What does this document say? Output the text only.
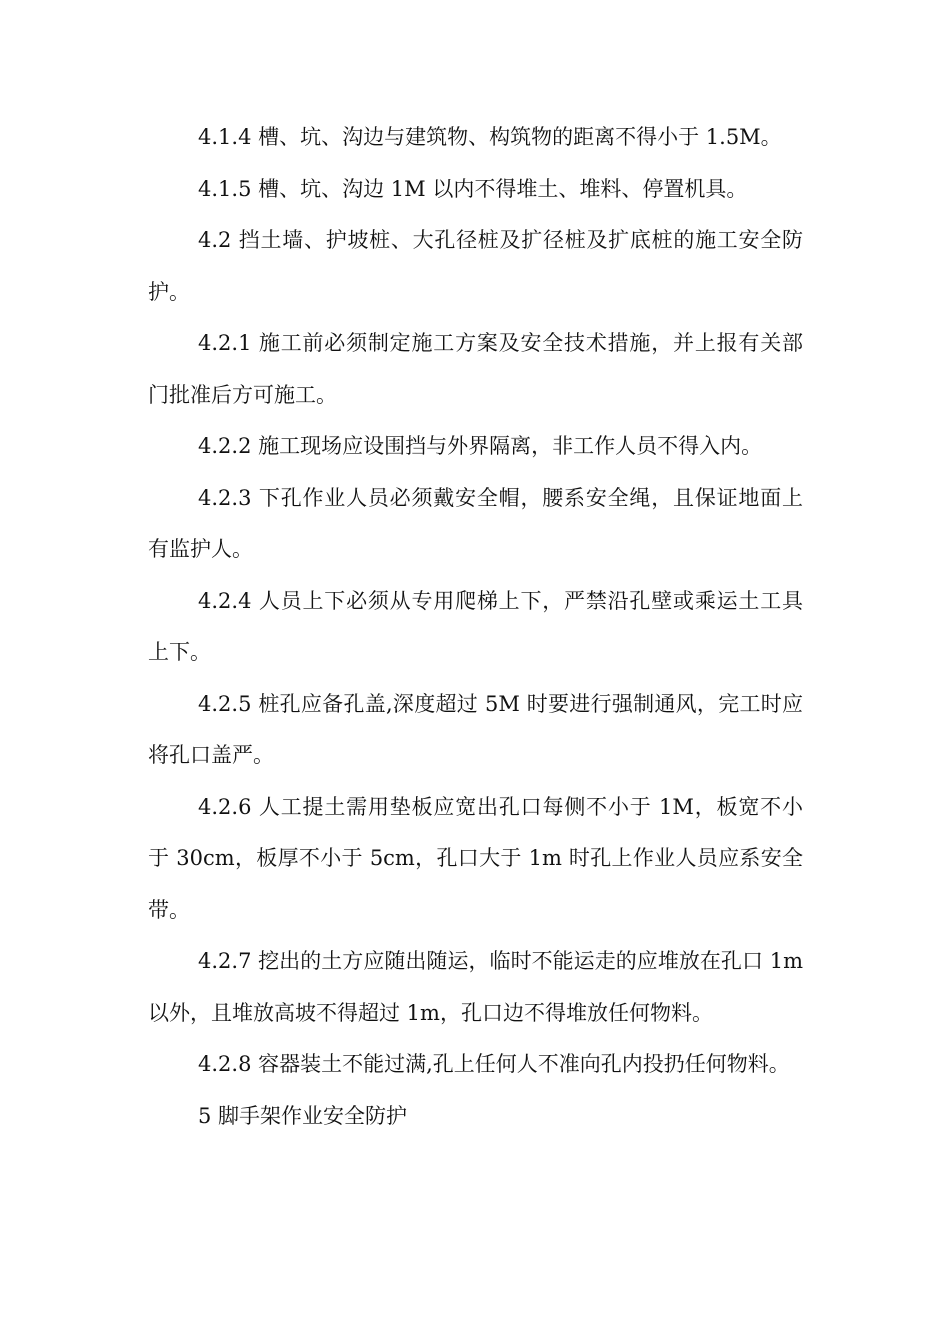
4.1.4 槽、坑、沟边与建筑物、构筑物的距离不得小于 1.5M。

4.1.5 槽、坑、沟边 1M 以内不得堆土、堆料、停置机具。

4.2 挡土墙、护坡桩、大孔径桩及扩径桩及扩底桩的施工安全防护。

4.2.1 施工前必须制定施工方案及安全技术措施，并上报有关部门批准后方可施工。

4.2.2 施工现场应设围挡与外界隔离，非工作人员不得入内。

4.2.3 下孔作业人员必须戴安全帽，腰系安全绳，且保证地面上有监护人。

4.2.4 人员上下必须从专用爬梯上下，严禁沿孔壁或乘运土工具上下。

4.2.5 桩孔应备孔盖,深度超过 5M 时要进行强制通风，完工时应将孔口盖严。

4.2.6 人工提土需用垫板应宽出孔口每侧不小于 1M，板宽不小于 30cm，板厚不小于 5cm，孔口大于 1m 时孔上作业人员应系安全带。

4.2.7 挖出的土方应随出随运，临时不能运走的应堆放在孔口 1m 以外，且堆放高坡不得超过 1m，孔口边不得堆放任何物料。

4.2.8 容器装土不能过满,孔上任何人不准向孔内投扔任何物料。

5 脚手架作业安全防护
